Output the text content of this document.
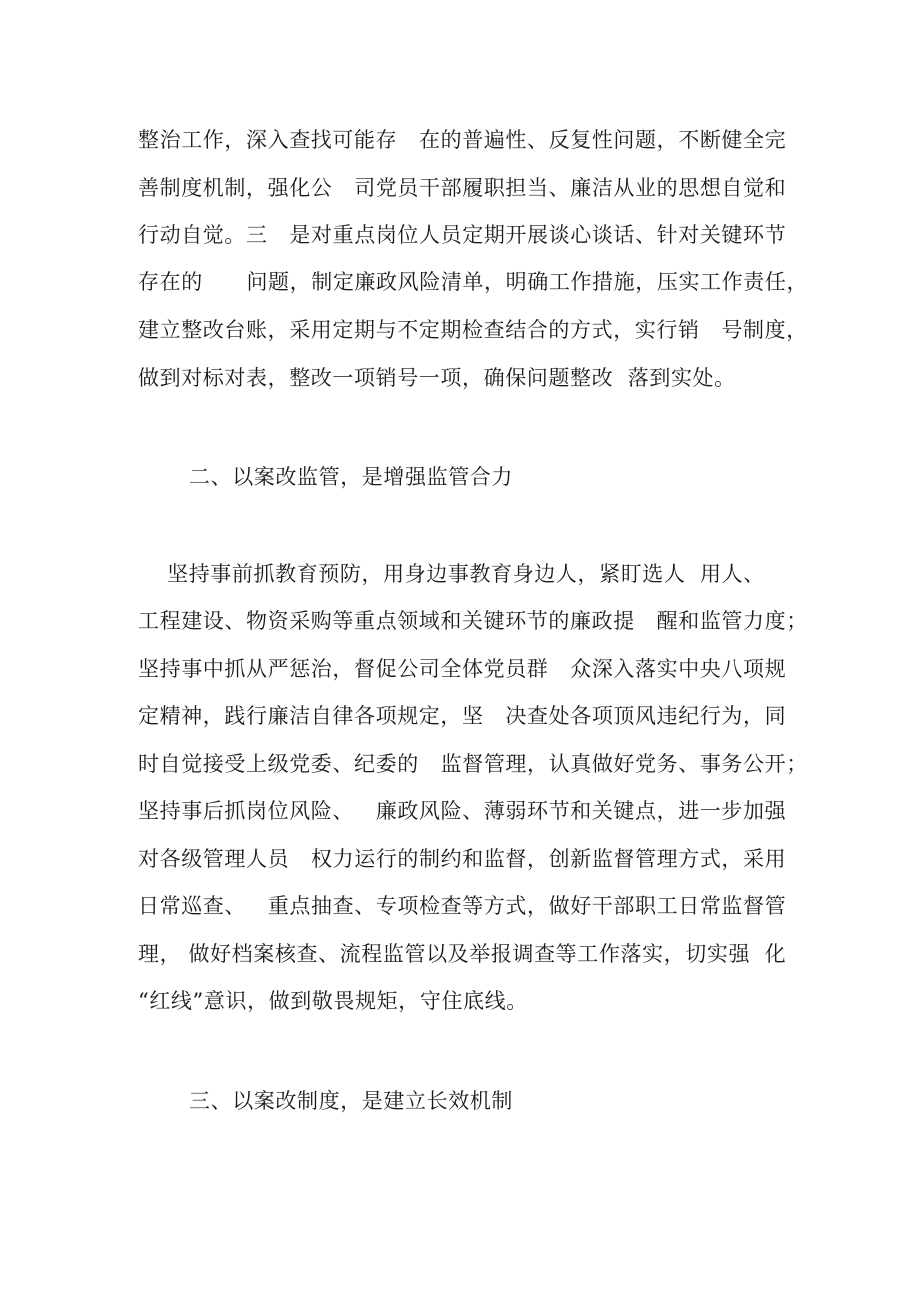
整治工作，深入查找可能存   在的普遍性、反复性问题，不断健全完
善制度机制，强化公   司党员干部履职担当、廉洁从业的思想自觉和
行动自觉。三   是对重点岗位人员定期开展谈心谈话、针对关键环节
存在的      问题，制定廉政风险清单，明确工作措施，压实工作责任，
建立整改台账，采用定期与不定期检查结合的方式，实行销   号制度，
做到对标对表，整改一项销号一项，确保问题整改  落到实处。
二、以案改监管，是增强监管合力
坚持事前抓教育预防，用身边事教育身边人，紧盯选人  用人、
工程建设、物资采购等重点领域和关键环节的廉政提   醒和监管力度；
坚持事中抓从严惩治，督促公司全体党员群   众深入落实中央八项规
定精神，践行廉洁自律各项规定，坚   决查处各项顶风违纪行为，同
时自觉接受上级党委、纪委的   监督管理，认真做好党务、事务公开；
坚持事后抓岗位风险、   廉政风险、薄弱环节和关键点，进一步加强
对各级管理人员   权力运行的制约和监督，创新监督管理方式，采用
日常巡查、   重点抽查、专项检查等方式，做好干部职工日常监督管
理， 做好档案核查、流程监管以及举报调查等工作落实，切实强  化
“红线”意识，做到敬畏规矩，守住底线。
三、以案改制度，是建立长效机制
